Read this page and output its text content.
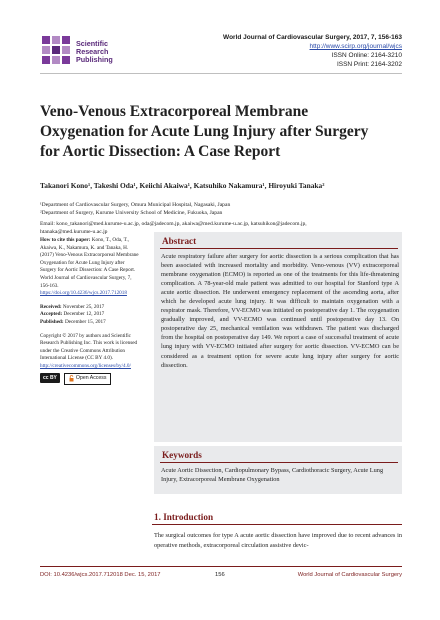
Scientific
Research
Publishing
World Journal of Cardiovascular Surgery, 2017, 7, 156-163
http://www.scirp.org/journal/wjcs
ISSN Online: 2164-3210
ISSN Print: 2164-3202
Veno-Venous Extracorporeal Membrane Oxygenation for Acute Lung Injury after Surgery for Aortic Dissection: A Case Report
Takanori Kono¹, Takeshi Oda¹, Keiichi Akaiwa¹, Katsuhiko Nakamura¹, Hiroyuki Tanaka²
¹Department of Cardiovascular Surgery, Omura Municipal Hospital, Nagasaki, Japan
²Department of Surgery, Kurume University School of Medicine, Fukuoka, Japan
Email: kono_takanori@med.kurume-u.ac.jp, oda@jadecom.jp, akaiwa@med.kurume-u.ac.jp, katsuhikon@jadecom.jp,
htanaka@med.kurume-u.ac.jp
How to cite this paper: Kono, T., Oda, T., Akaiwa, K., Nakamura, K. and Tanaka, H. (2017) Veno-Venous Extracorporeal Membrane Oxygenation for Acute Lung Injury after Surgery for Aortic Dissection: A Case Report. World Journal of Cardiovascular Surgery, 7, 156-163.
https://doi.org/10.4236/wjcs.2017.712018
Received: November 25, 2017
Accepted: December 12, 2017
Published: December 15, 2017
Copyright © 2017 by authors and Scientific Research Publishing Inc. This work is licensed under the Creative Commons Attribution International License (CC BY 4.0).
http://creativecommons.org/licenses/by/4.0/
cc BY	Open Access
Abstract
Acute respiratory failure after surgery for aortic dissection is a serious complication that has been associated with increased mortality and morbidity. Veno-venous (VV) extracorporeal membrane oxygenation (ECMO) is reported as one of the treatments for this life-threatening complication. A 78-year-old male patient was admitted to our hospital for Stanford type A acute aortic dissection. He underwent emergency replacement of the ascending aorta, after which he developed acute lung injury. It was difficult to maintain oxygenation with a respirator mask. Therefore, VV-ECMO was initiated on postoperative day 1. The oxygenation gradually improved, and VV-ECMO was continued until postoperative day 13. On postoperative day 25, mechanical ventilation was withdrawn. The patient was discharged from the hospital on postoperative day 149. We report a case of successful treatment of acute lung injury with VV-ECMO initiated after surgery for aortic dissection. VV-ECMO can be considered as a treatment option for severe acute lung injury after surgery for aortic dissection.
Keywords
Acute Aortic Dissection, Cardiopulmonary Bypass, Cardiothoracic Surgery, Acute Lung Injury, Extracorporeal Membrane Oxygenation
1. Introduction
The surgical outcomes for type A acute aortic dissection have improved due to recent advances in operative methods, extracorporeal circulation assistive devic-
DOI: 10.4236/wjcs.2017.712018 Dec. 15, 2017	156	World Journal of Cardiovascular Surgery
